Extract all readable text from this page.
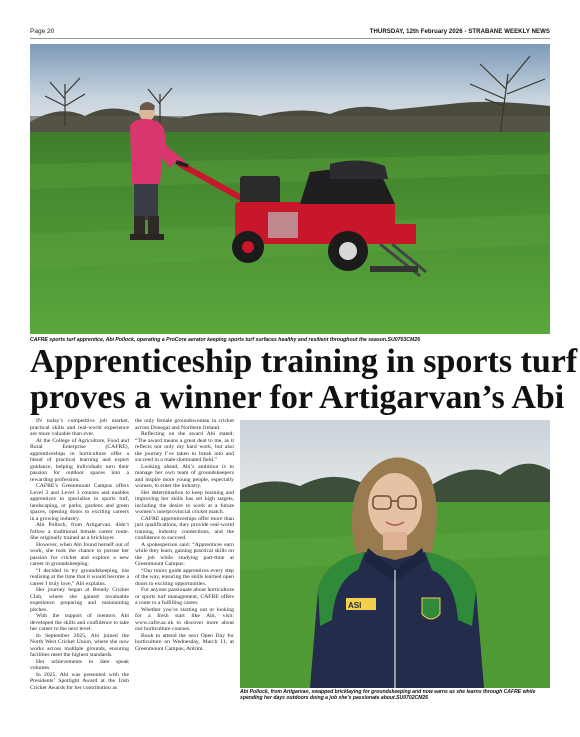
Page 20	THURSDAY, 12th February 2026 - STRABANE WEEKLY NEWS
CAFRE sports turf apprentice, Abi Pollock, operating a ProCore aerator keeping sports turf surfaces healthy and resilient throughout the season.SU0703CM26
Apprenticeship training in sports turf
proves a winner for Artigarvan’s Abi

IN today’s competitive job market, practical skills and real-world experience are more valuable than ever.

At the College of Agriculture, Food and Rural Enterprise (CAFRE), apprenticeships in horticulture offer a blend of practical learning and expert guidance, helping individuals turn their passion for outdoor spaces into a rewarding profession.

CAFRE’s Greenmount Campus offers Level 2 and Level 3 courses and enables apprentices to specialise in sports turf, landscaping, or parks, gardens and green spaces, opening doors to exciting careers in a growing industry.

Abi Pollock, from Artigarvan, didn’t follow a traditional female career route. She originally trained as a bricklayer.

However, when Abi found herself out of work, she took the chance to pursue her passion for cricket and explore a new career in groundskeeping.

“I decided to try groundskeeping, not realising at the time that it would become a career I truly love,” Abi explains.

Her journey began at Bready Cricket Club, where she gained invaluable experience preparing and maintaining pitches.

With the support of mentors Abi developed the skills and confidence to take her career to the next level.

In September 2025, Abi joined the North West Cricket Union, where she now works across multiple grounds, ensuring facilities meet the highest standards.

Her achievements to date speak volumes.

In 2025, Abi was presented with the Presidents’ Spotlight Award at the Irish Cricket Awards for her contribution as

the only female groundswoman in cricket across Donegal and Northern Ireland.

Reflecting on the award Abi stated: “The award means a great deal to me, as it reflects not only my hard work, but also the journey I’ve taken to break into and succeed in a male-dominated field.”

Looking ahead, Abi’s ambition is to manage her own team of groundskeepers and inspire more young people, especially women, to enter the industry.

Her determination to keep learning and improving her skills has set high targets, including the desire to work at a future women’s interprovincial cricket match.

CAFRE apprenticeships offer more than just qualifications, they provide real-world training, industry connections, and the confidence to succeed.

A spokesperson said: “Apprentices earn while they learn, gaining practical skills on the job while studying part-time at Greenmount Campus.

“Our tutors guide apprentices every step of the way, ensuring the skills learned open doors to exciting opportunities.

For anyone passionate about horticulture or sports turf management, CAFRE offers a route to a fulfilling career.

Whether you’re starting out or looking for a fresh start like Abi, visit: www.cafre.ac.uk to discover more about our horticulture courses.

Book to attend the next Open Day for horticulture on Wednesday, March 11, at Greenmount Campus, Antrim.

ASI
Abi Pollock, from Artigarvan, swapped bricklaying for groundskeeping and now earns as she learns through CAFRE while spending her days outdoors doing a job she’s passionate about.SU0702CM26
